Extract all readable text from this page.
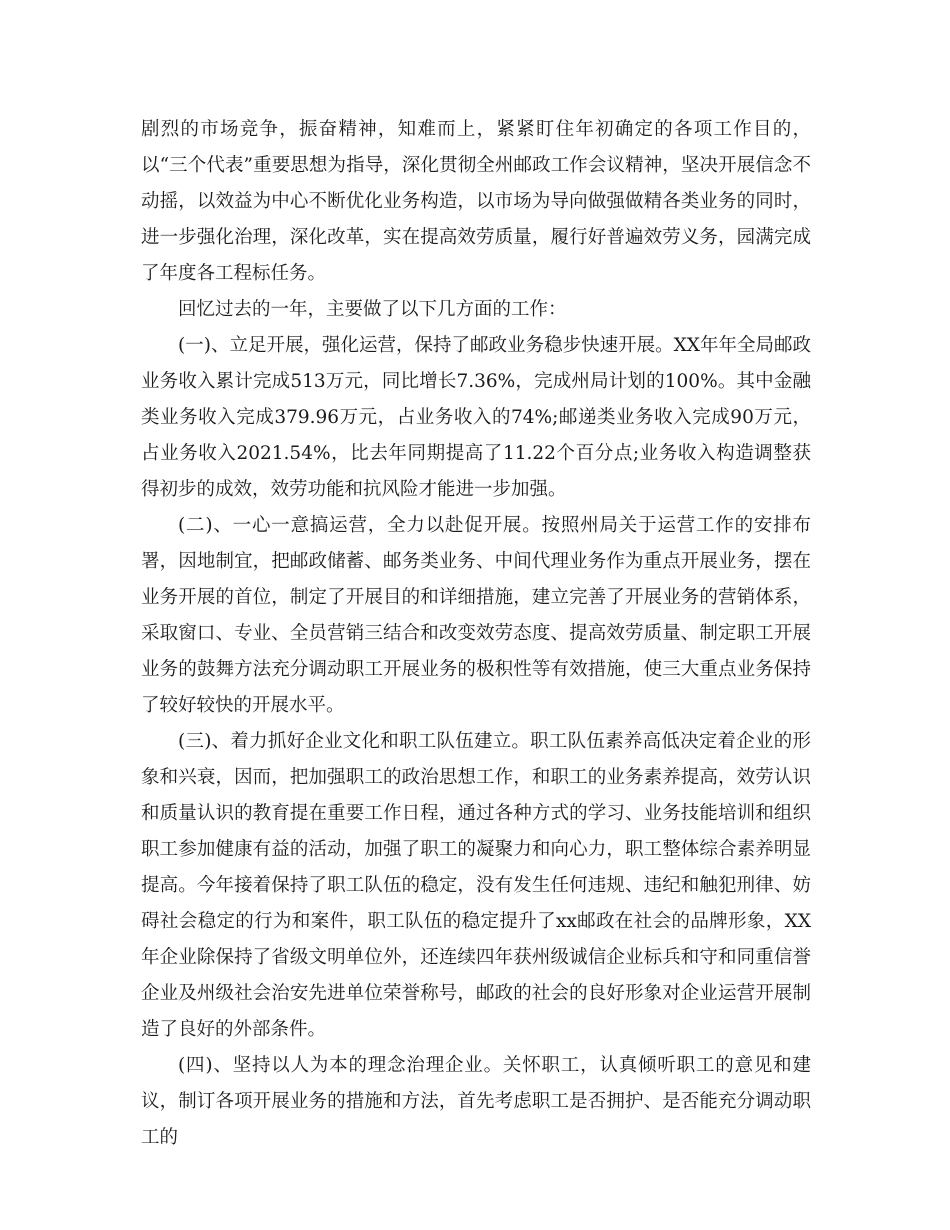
剧烈的市场竞争，振奋精神，知难而上，紧紧盯住年初确定的各项工作目的，以“三个代表”重要思想为指导，深化贯彻全州邮政工作会议精神，坚决开展信念不动摇，以效益为中心不断优化业务构造，以市场为导向做强做精各类业务的同时，进一步强化治理，深化改革，实在提高效劳质量，履行好普遍效劳义务，园满完成了年度各工程标任务。

回忆过去的一年，主要做了以下几方面的工作：

(一)、立足开展，强化运营，保持了邮政业务稳步快速开展。XX年年全局邮政业务收入累计完成513万元，同比增长7.36%，完成州局计划的100%。其中金融类业务收入完成379.96万元，占业务收入的74%;邮递类业务收入完成90万元，占业务收入2021.54%，比去年同期提高了11.22个百分点;业务收入构造调整获得初步的成效，效劳功能和抗风险才能进一步加强。

(二)、一心一意搞运营，全力以赴促开展。按照州局关于运营工作的安排布署，因地制宜，把邮政储蓄、邮务类业务、中间代理业务作为重点开展业务，摆在业务开展的首位，制定了开展目的和详细措施，建立完善了开展业务的营销体系，采取窗口、专业、全员营销三结合和改变效劳态度、提高效劳质量、制定职工开展业务的鼓舞方法充分调动职工开展业务的极积性等有效措施，使三大重点业务保持了较好较快的开展水平。

(三)、着力抓好企业文化和职工队伍建立。职工队伍素养高低决定着企业的形象和兴衰，因而，把加强职工的政治思想工作，和职工的业务素养提高，效劳认识和质量认识的教育提在重要工作日程，通过各种方式的学习、业务技能培训和组织职工参加健康有益的活动，加强了职工的凝聚力和向心力，职工整体综合素养明显提高。今年接着保持了职工队伍的稳定，没有发生任何违规、违纪和触犯刑律、妨碍社会稳定的行为和案件，职工队伍的稳定提升了xx邮政在社会的品牌形象，XX年企业除保持了省级文明单位外，还连续四年获州级诚信企业标兵和守和同重信誉企业及州级社会治安先进单位荣誉称号，邮政的社会的良好形象对企业运营开展制造了良好的外部条件。

(四)、坚持以人为本的理念治理企业。关怀职工，认真倾听职工的意见和建议，制订各项开展业务的措施和方法，首先考虑职工是否拥护、是否能充分调动职工的
